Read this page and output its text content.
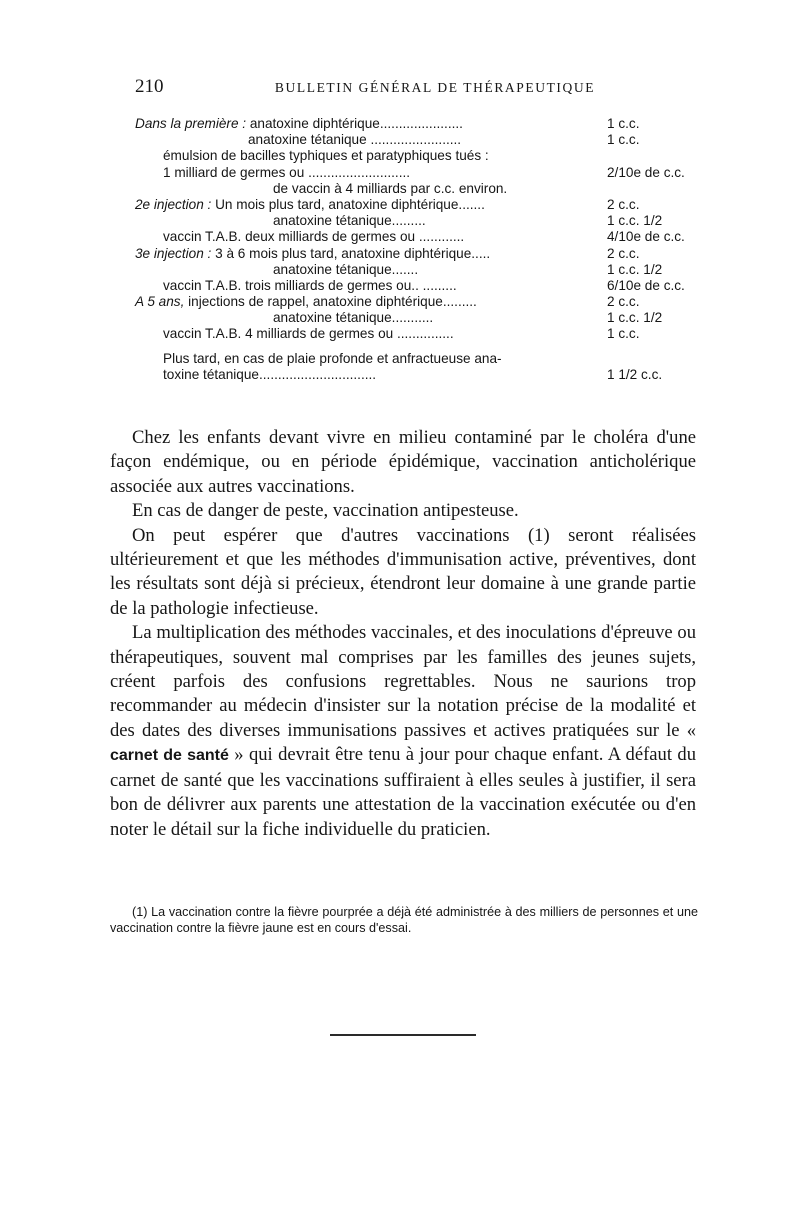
210	BULLETIN GÉNÉRAL DE THÉRAPEUTIQUE
Dans la première : anatoxine diphtérique......................	1 c.c.
anatoxine tétanique ........................	1 c.c.
émulsion de bacilles typhiques et paratyphiques tués :
1 milliard de germes ou ...........................	2/10e de c.c.
de vaccin à 4 milliards par c.c. environ.
2e injection : Un mois plus tard, anatoxine diphtérique.......	2 c.c.
anatoxine tétanique.........	1 c.c. 1/2
vaccin T.A.B. deux milliards de germes ou ............	4/10e de c.c.
3e injection : 3 à 6 mois plus tard, anatoxine diphtérique.....	2 c.c.
anatoxine tétanique.......	1 c.c. 1/2
vaccin T.A.B. trois milliards de germes ou.. .........	6/10e de c.c.
A 5 ans, injections de rappel, anatoxine diphtérique.........	2 c.c.
anatoxine tétanique...........	1 c.c. 1/2
vaccin T.A.B. 4 milliards de germes ou ...............	1 c.c.
Plus tard, en cas de plaie profonde et anfractueuse ana-
toxine tétanique...............................	1 1/2 c.c.

Chez les enfants devant vivre en milieu contaminé par le choléra d'une façon endémique, ou en période épidémique, vaccination anticholérique associée aux autres vaccinations.

En cas de danger de peste, vaccination antipesteuse.

On peut espérer que d'autres vaccinations (1) seront réalisées ultérieurement et que les méthodes d'immunisation active, préventives, dont les résultats sont déjà si précieux, étendront leur domaine à une grande partie de la pathologie infectieuse.

La multiplication des méthodes vaccinales, et des inoculations d'épreuve ou thérapeutiques, souvent mal comprises par les familles des jeunes sujets, créent parfois des confusions regrettables. Nous ne saurions trop recommander au médecin d'insister sur la notation précise de la modalité et des dates des diverses immunisations passives et actives pratiquées sur le « carnet de santé » qui devrait être tenu à jour pour chaque enfant. A défaut du carnet de santé que les vaccinations suffiraient à elles seules à justifier, il sera bon de délivrer aux parents une attestation de la vaccination exécutée ou d'en noter le détail sur la fiche individuelle du praticien.

(1) La vaccination contre la fièvre pourprée a déjà été administrée à des milliers de personnes et une vaccination contre la fièvre jaune est en cours d'essai.
